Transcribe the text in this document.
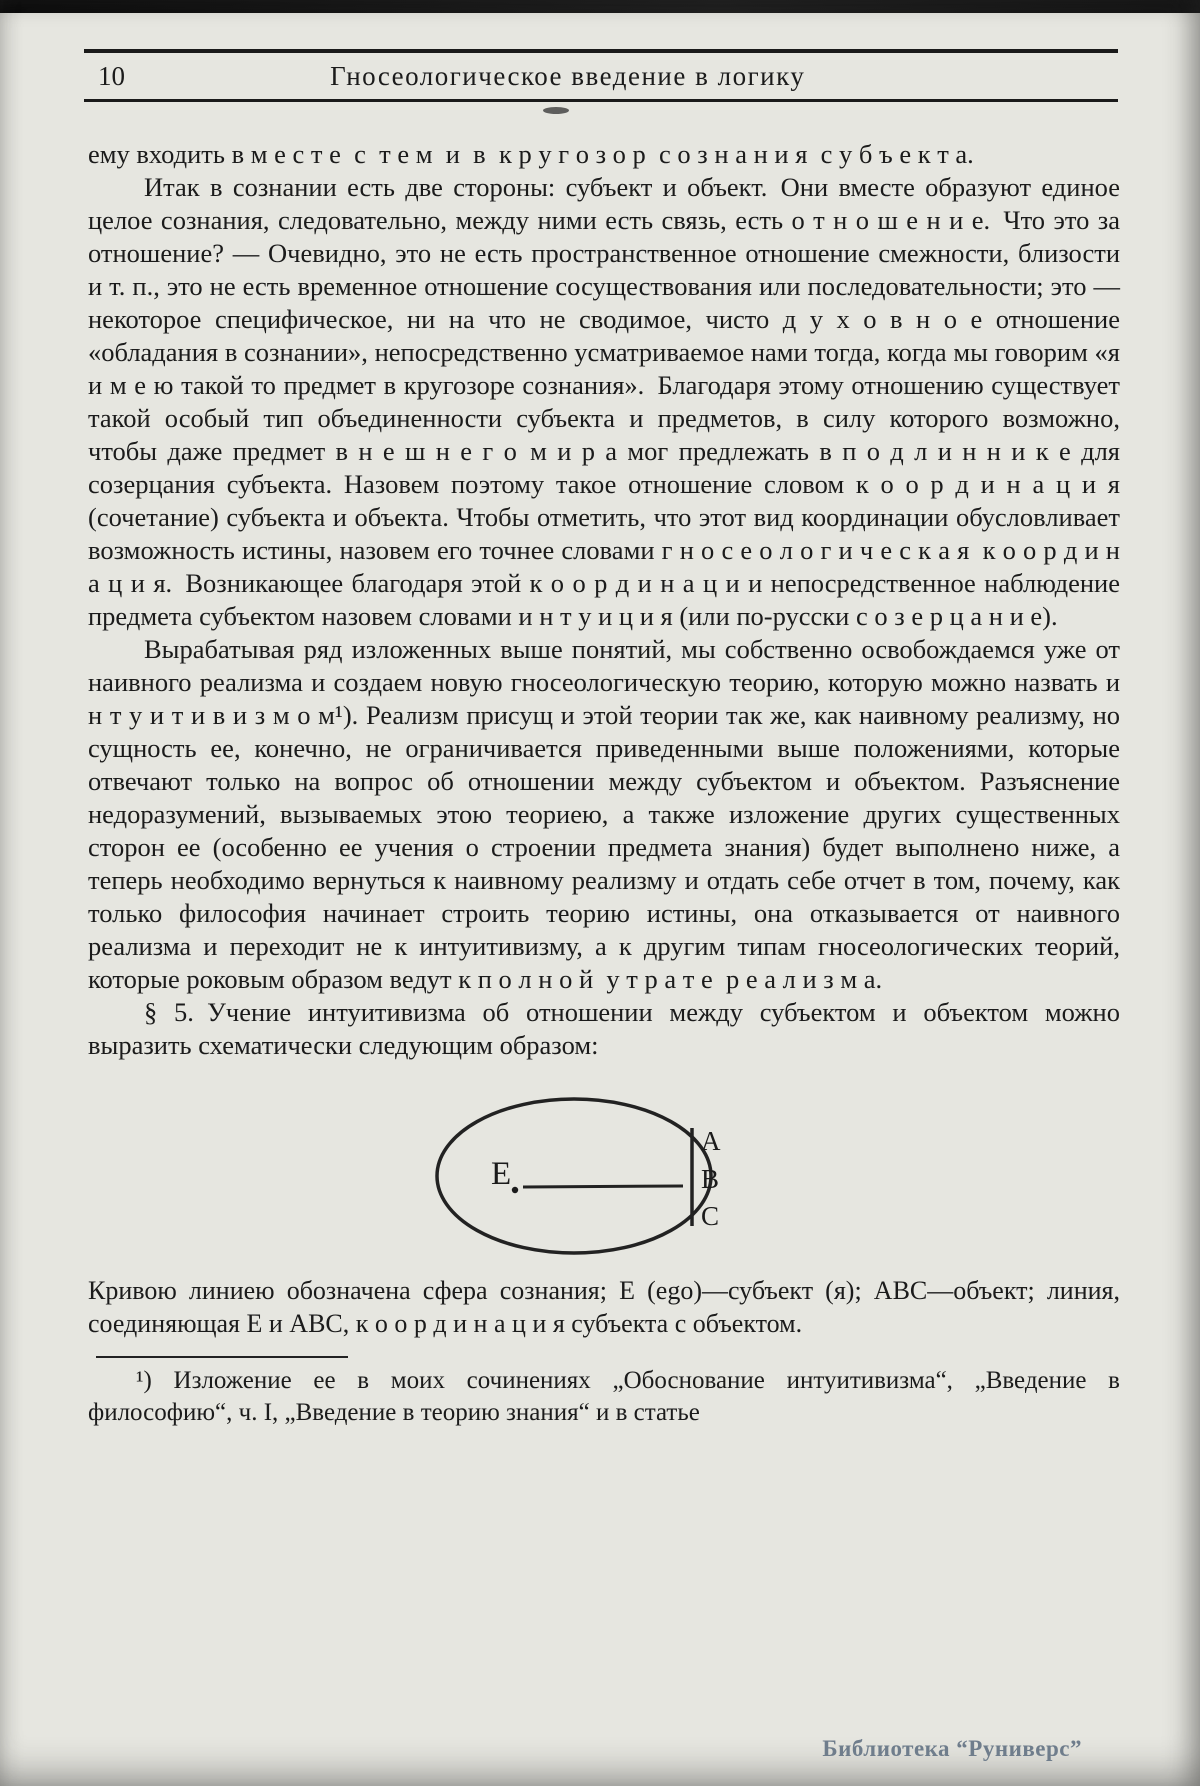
10	Гносеологическое введение в логику

ему входить в м е с т е с т е м и в к р у г о з о р с о з н а н и я с у б ъ е к т а.

Итак в сознании есть две стороны: субъект и объект. Они вместе образуют единое целое сознания, следовательно, между ними есть связь, есть о т н о ш е н и е. Что это за отношение? — Очевидно, это не есть пространственное отношение смежности, близости и т. п., это не есть временное отношение сосуществования или последовательности; это — некоторое специфическое, ни на что не сводимое, чисто д у х о в н о е отношение «обладания в сознании», непосредственно усматриваемое нами тогда, когда мы говорим «я и м е ю такой то предмет в кругозоре сознания». Благодаря этому отношению существует такой особый тип объединенности субъекта и предметов, в силу которого возможно, чтобы даже предмет в н е ш н е г о м и р а мог предлежать в п о д л и н н и к е для созерцания субъекта. Назовем поэтому такое отношение словом к о о р д и н а ц и я (сочетание) субъекта и объекта. Чтобы отметить, что этот вид координации обусловливает возможность истины, назовем его точнее словами г н о с е о л о г и ч е с к а я к о о р д и н а ц и я. Возникающее благодаря этой к о о р д и н а ц и и непосредственное наблюдение предмета субъектом назовем словами и н т у и ц и я (или по-русски с о з е р ц а н и е).

Вырабатывая ряд изложенных выше понятий, мы собственно освобождаемся уже от наивного реализма и создаем новую гносеологическую теорию, которую можно назвать и н т у и т и в и з м о м¹). Реализм присущ и этой теории так же, как наивному реализму, но сущность ее, конечно, не ограничивается приведенными выше положениями, которые отвечают только на вопрос об отношении между субъектом и объектом. Разъяснение недоразумений, вызываемых этою теориею, а также изложение других существенных сторон ее (особенно ее учения о строении предмета знания) будет выполнено ниже, а теперь необходимо вернуться к наивному реализму и отдать себе отчет в том, почему, как только философия начинает строить теорию истины, она отказывается от наивного реализма и переходит не к интуитивизму, а к другим типам гносеологических теорий, которые роковым образом ведут к п о л н о й у т р а т е р е а л и з м а.

§ 5. Учение интуитивизма об отношении между субъектом и объектом можно выразить схематически следующим образом:

E
А
В
С

Кривою линиею обозначена сфера сознания; E (ego)—субъект (я); ABC—объект; линия, соединяющая E и ABC, к о о р д и н а ц и я субъекта с объектом.

¹) Изложение ее в моих сочинениях „Обоснование интуитивизма“, „Введение в философию“, ч. I, „Введение в теорию знания“ и в статье

Библиотека “Руниверс”
